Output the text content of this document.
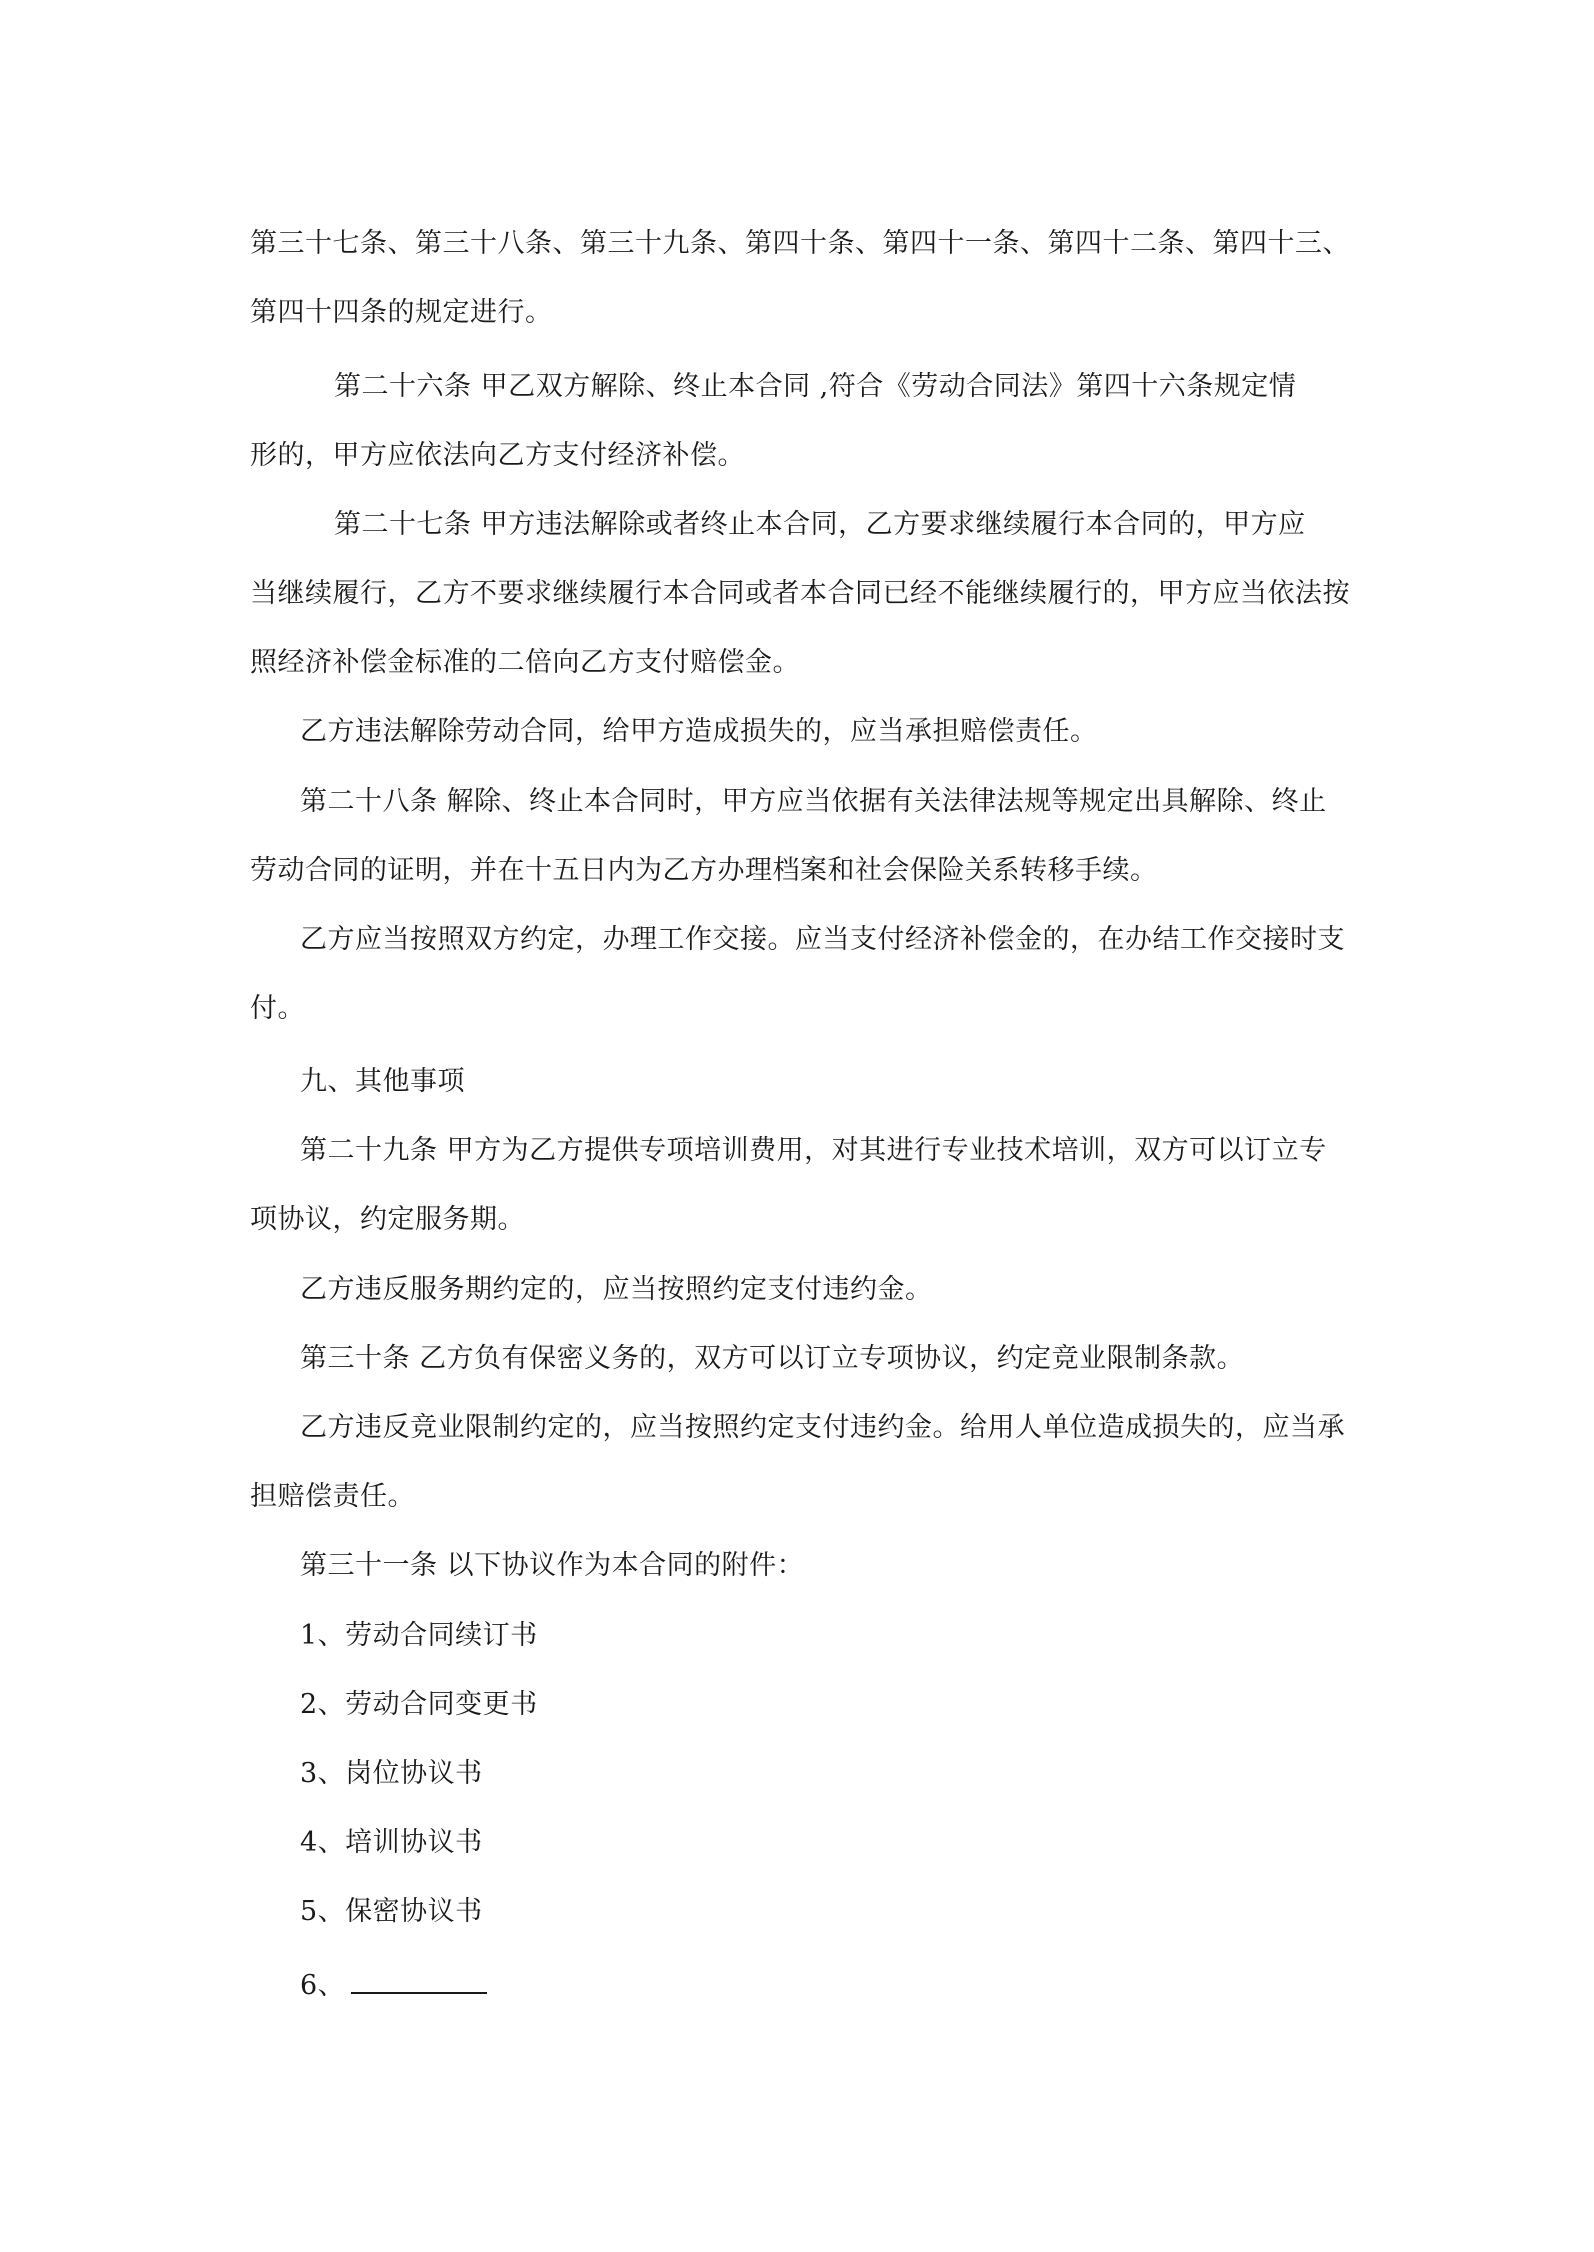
第三十七条、第三十八条、第三十九条、第四十条、第四十一条、第四十二条、第四十三、
第四十四条的规定进行。
第二十六条 甲乙双方解除、终止本合同 ,符合《劳动合同法》第四十六条规定情
形的，甲方应依法向乙方支付经济补偿。
第二十七条 甲方违法解除或者终止本合同，乙方要求继续履行本合同的，甲方应
当继续履行，乙方不要求继续履行本合同或者本合同已经不能继续履行的，甲方应当依法按
照经济补偿金标准的二倍向乙方支付赔偿金。
乙方违法解除劳动合同，给甲方造成损失的，应当承担赔偿责任。
第二十八条 解除、终止本合同时，甲方应当依据有关法律法规等规定出具解除、终止
劳动合同的证明，并在十五日内为乙方办理档案和社会保险关系转移手续。
乙方应当按照双方约定，办理工作交接。应当支付经济补偿金的，在办结工作交接时支
付。
九、其他事项
第二十九条 甲方为乙方提供专项培训费用，对其进行专业技术培训，双方可以订立专
项协议，约定服务期。
乙方违反服务期约定的，应当按照约定支付违约金。
第三十条 乙方负有保密义务的，双方可以订立专项协议，约定竞业限制条款。
乙方违反竞业限制约定的，应当按照约定支付违约金。给用人单位造成损失的，应当承
担赔偿责任。
第三十一条 以下协议作为本合同的附件：
1、劳动合同续订书
2、劳动合同变更书
3、岗位协议书
4、培训协议书
5、保密协议书
6、
